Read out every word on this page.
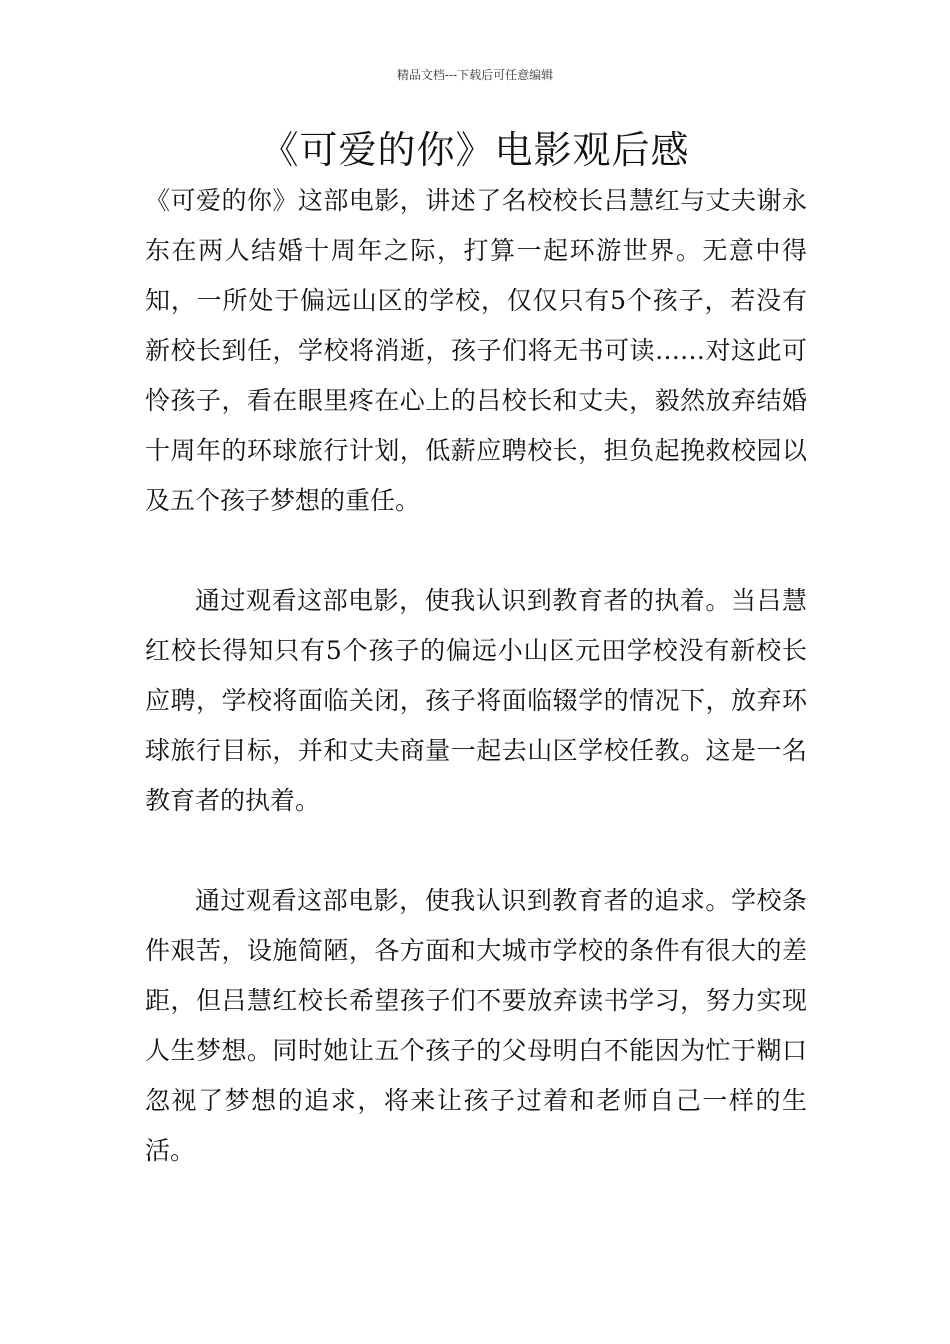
精品文档---下载后可任意编辑
《可爱的你》电影观后感

《可爱的你》这部电影，讲述了名校校长吕慧红与丈夫谢永东在两人结婚十周年之际，打算一起环游世界。无意中得知，一所处于偏远山区的学校，仅仅只有5个孩子，若没有新校长到任，学校将消逝，孩子们将无书可读……对这此可怜孩子，看在眼里疼在心上的吕校长和丈夫，毅然放弃结婚十周年的环球旅行计划，低薪应聘校长，担负起挽救校园以及五个孩子梦想的重任。

通过观看这部电影，使我认识到教育者的执着。当吕慧红校长得知只有5个孩子的偏远小山区元田学校没有新校长应聘，学校将面临关闭，孩子将面临辍学的情况下，放弃环球旅行目标，并和丈夫商量一起去山区学校任教。这是一名教育者的执着。

通过观看这部电影，使我认识到教育者的追求。学校条件艰苦，设施简陋，各方面和大城市学校的条件有很大的差距，但吕慧红校长希望孩子们不要放弃读书学习，努力实现人生梦想。同时她让五个孩子的父母明白不能因为忙于糊口忽视了梦想的追求，将来让孩子过着和老师自己一样的生活。
